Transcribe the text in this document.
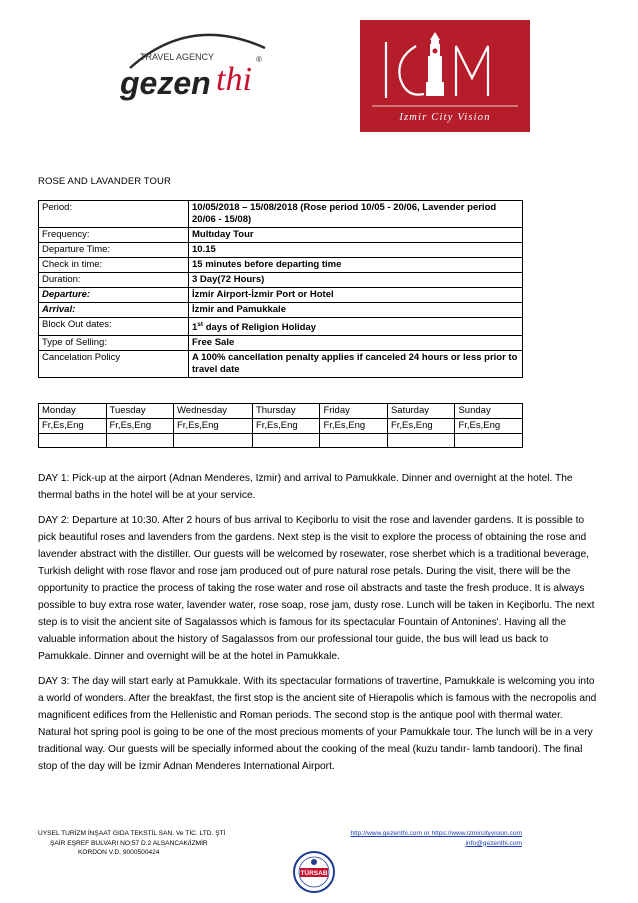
TRAVEL AGENCY
gezen thi
®
Izmir City Vision
ROSE AND LAVANDER TOUR
Period:	10/05/2018 – 15/08/2018 (Rose period 10/05 - 20/06, Lavender period 20/06 - 15/08)
Frequency:	Multıday Tour
Departure Time:	10.15
Check in time:	15 minutes before departing time
Duration:	3 Day(72 Hours)
Departure:	İzmir Airport-İzmir Port or Hotel
Arrival:	İzmir and Pamukkale
Block Out dates:	1st days of Religion Holiday
Type of Selling:	Free Sale
Cancelation Policy	A 100% cancellation penalty applies if canceled 24 hours or less prior to travel date
Monday	Tuesday	Wednesday	Thursday	Friday	Saturday	Sunday
Fr,Es,Eng	Fr,Es,Eng	Fr,Es,Eng	Fr,Es,Eng	Fr,Es,Eng	Fr,Es,Eng	Fr,Es,Eng

DAY 1: Pick-up at the airport (Adnan Menderes, Izmir) and arrival to Pamukkale. Dinner and overnight at the hotel. The thermal baths in the hotel will be at your service.

DAY 2: Departure at 10:30. After 2 hours of bus arrival to Keçiborlu to visit the rose and lavender gardens. It is possible to pick beautiful roses and lavenders from the gardens. Next step is the visit to explore the process of obtaining the rose and lavender abstract with the distiller. Our guests will be welcomed by rosewater, rose sherbet which is a traditional beverage, Turkish delight with rose flavor and rose jam produced out of pure natural rose petals. During the visit, there will be the opportunity to practice the process of taking the rose water and rose oil abstracts and taste the fresh produce. It is always possible to buy extra rose water, lavender water, rose soap, rose jam, dusty rose. Lunch will be taken in Keçiborlu. The next step is to visit the ancient site of Sagalassos which is famous for its spectacular Fountain of Antonines'. Having all the valuable information about the history of Sagalassos from our professional tour guide, the bus will lead us back to Pamukkale. Dinner and overnight will be at the hotel in Pamukkale.

DAY 3: The day will start early at Pamukkale. With its spectacular formations of travertine, Pamukkale is welcoming you into a world of wonders. After the breakfast, the first stop is the ancient site of Hierapolis which is famous with the necropolis and magnificent edifices from the Hellenistic and Roman periods. The second stop is the antique pool with thermal water. Natural hot spring pool is going to be one of the most precious moments of your Pamukkale tour. The lunch will be in a very traditional way. Our guests will be specially informed about the cooking of the meal (kuzu tandır- lamb tandoori). The final stop of the day will be İzmir Adnan Menderes International Airport.

UYSEL TURİZM İNŞAAT GIDA TEKSTİL SAN. Ve TİC. LTD. ŞTİ
ŞAİR EŞREF BULVARI NO:57 D.2 ALSANCAK/İZMİR
KORDON V.D. 9000500424
http://www.gezenthi.com or https://www.izmircityvision.com
info@gezenthi.com
TÜRSAB
